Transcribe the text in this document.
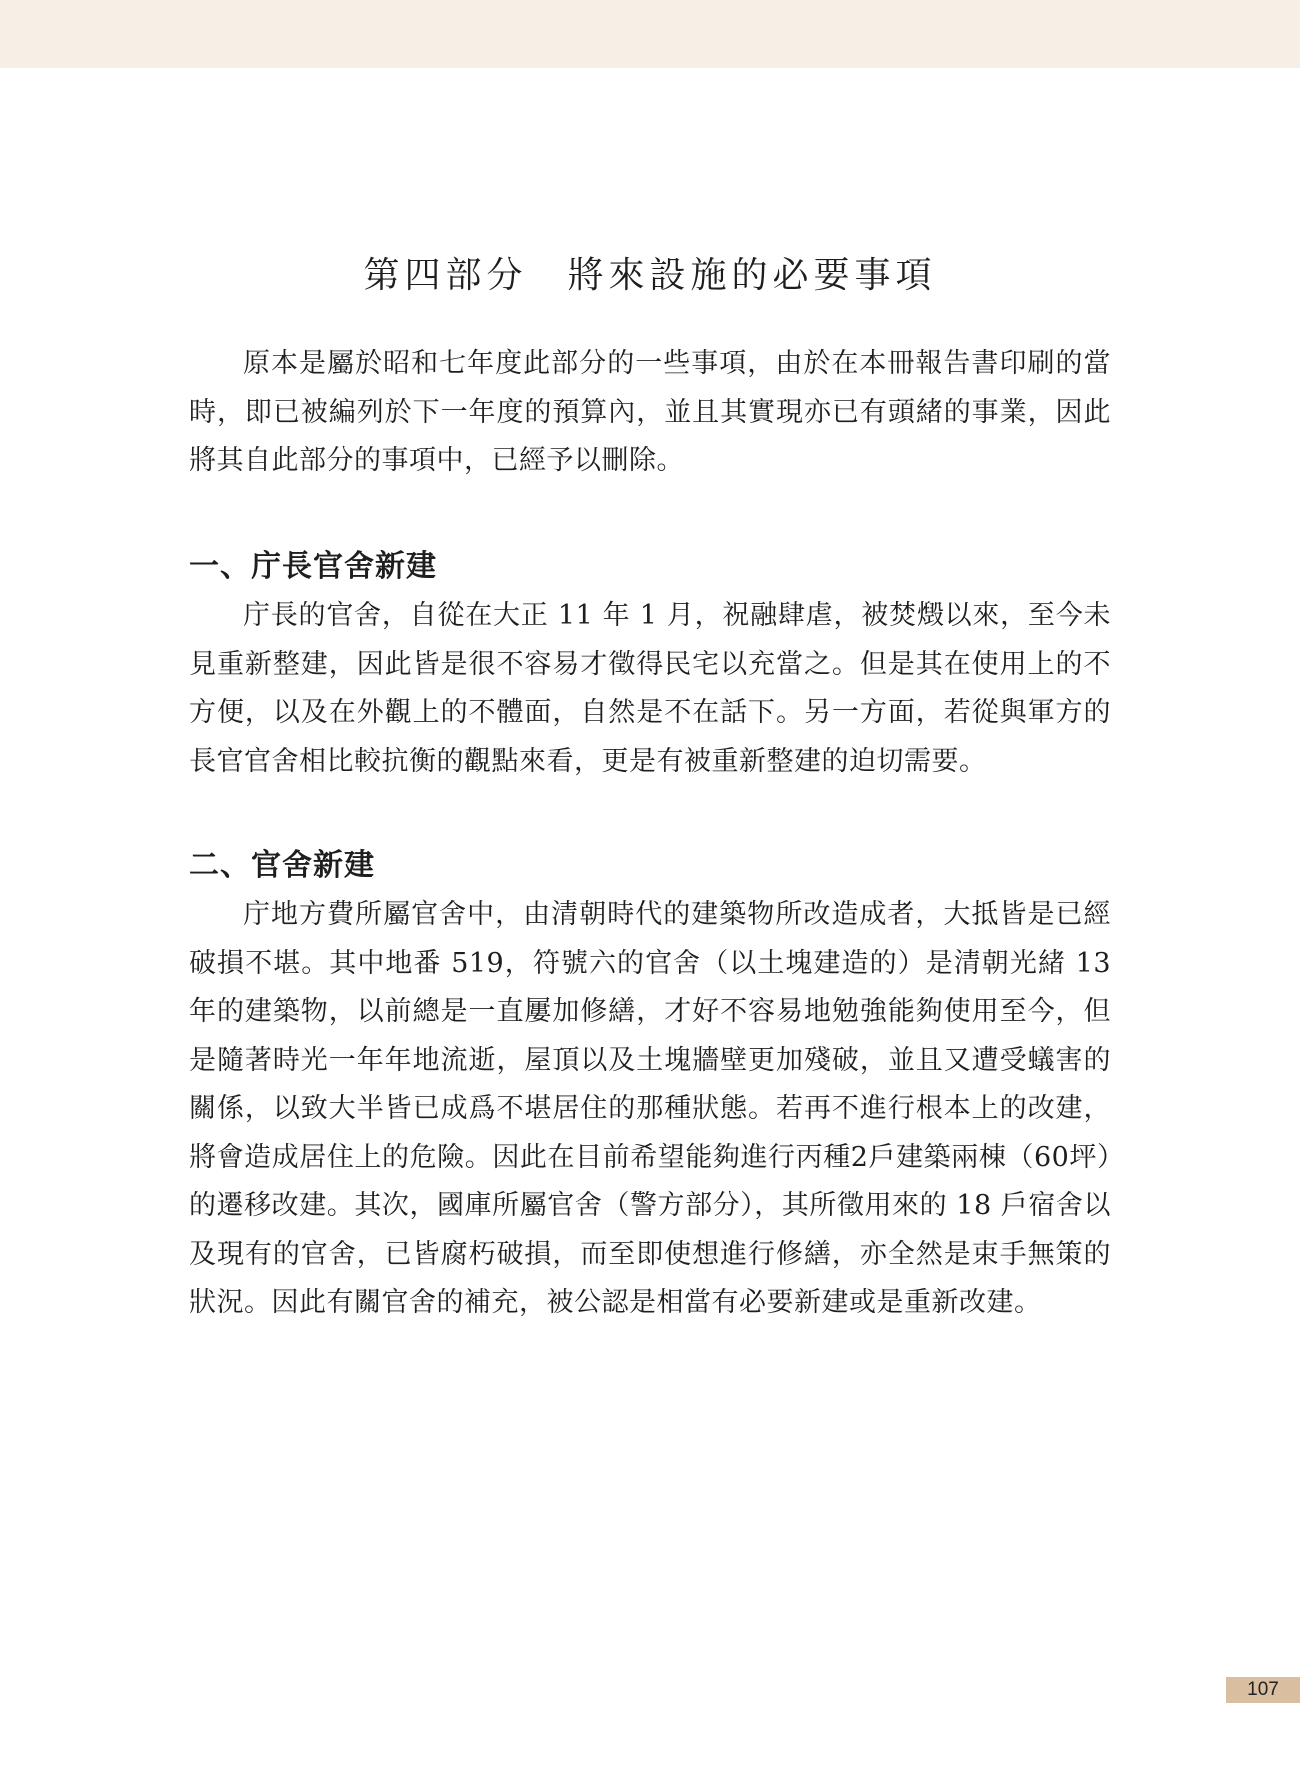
第四部分 將來設施的必要事項

原本是屬於昭和七年度此部分的一些事項，由於在本冊報告書印刷的當時，即已被編列於下一年度的預算內，並且其實現亦已有頭緒的事業，因此將其自此部分的事項中，已經予以刪除。

一、庁長官舍新建

庁長的官舍，自從在大正 11 年 1 月，祝融肆虐，被焚燬以來，至今未見重新整建，因此皆是很不容易才徵得民宅以充當之。但是其在使用上的不方便，以及在外觀上的不體面，自然是不在話下。另一方面，若從與軍方的長官官舍相比較抗衡的觀點來看，更是有被重新整建的迫切需要。

二、官舍新建

庁地方費所屬官舍中，由清朝時代的建築物所改造成者，大抵皆是已經破損不堪。其中地番 519，符號六的官舍（以土塊建造的）是清朝光緒 13 年的建築物，以前總是一直屢加修繕，才好不容易地勉強能夠使用至今，但是隨著時光一年年地流逝，屋頂以及土塊牆壁更加殘破，並且又遭受蟻害的關係，以致大半皆已成爲不堪居住的那種狀態。若再不進行根本上的改建，將會造成居住上的危險。因此在目前希望能夠進行丙種2戶建築兩棟（60坪）的遷移改建。其次，國庫所屬官舍（警方部分），其所徵用來的 18 戶宿舍以及現有的官舍，已皆腐朽破損，而至即使想進行修繕，亦全然是束手無策的狀況。因此有關官舍的補充，被公認是相當有必要新建或是重新改建。

107
